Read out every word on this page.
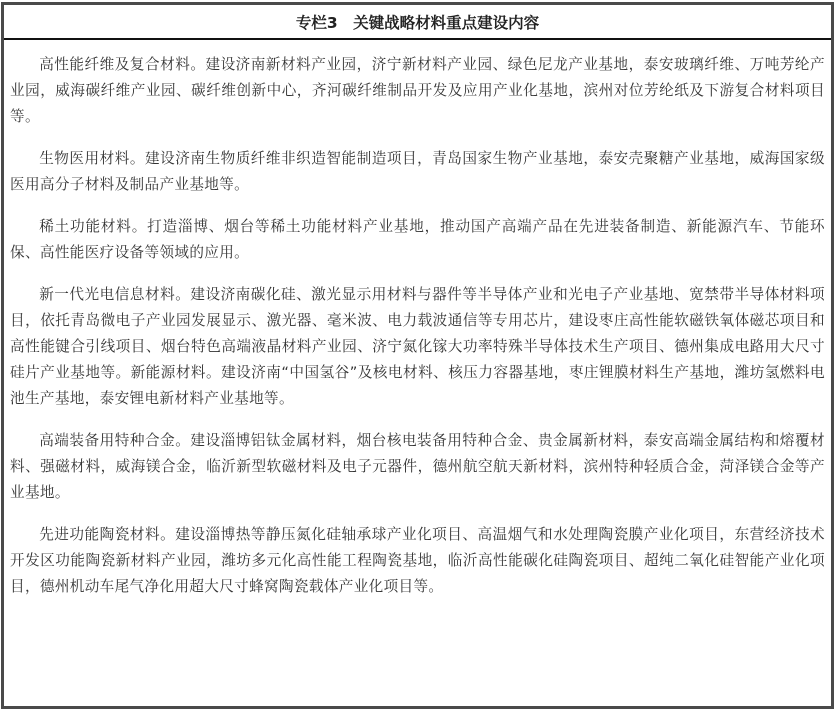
专栏3　关键战略材料重点建设内容

高性能纤维及复合材料。建设济南新材料产业园，济宁新材料产业园、绿色尼龙产业基地，泰安玻璃纤维、万吨芳纶产业园，威海碳纤维产业园、碳纤维创新中心，齐河碳纤维制品开发及应用产业化基地，滨州对位芳纶纸及下游复合材料项目等。

生物医用材料。建设济南生物质纤维非织造智能制造项目，青岛国家生物产业基地，泰安壳聚糖产业基地，威海国家级医用高分子材料及制品产业基地等。

稀土功能材料。打造淄博、烟台等稀土功能材料产业基地，推动国产高端产品在先进装备制造、新能源汽车、节能环保、高性能医疗设备等领域的应用。

新一代光电信息材料。建设济南碳化硅、激光显示用材料与器件等半导体产业和光电子产业基地、宽禁带半导体材料项目，依托青岛微电子产业园发展显示、激光器、毫米波、电力载波通信等专用芯片，建设枣庄高性能软磁铁氧体磁芯项目和高性能键合引线项目、烟台特色高端液晶材料产业园、济宁氮化镓大功率特殊半导体技术生产项目、德州集成电路用大尺寸硅片产业基地等。新能源材料。建设济南“中国氢谷”及核电材料、核压力容器基地，枣庄锂膜材料生产基地，潍坊氢燃料电池生产基地，泰安锂电新材料产业基地等。

高端装备用特种合金。建设淄博铝钛金属材料，烟台核电装备用特种合金、贵金属新材料，泰安高端金属结构和熔覆材料、强磁材料，威海镁合金，临沂新型软磁材料及电子元器件，德州航空航天新材料，滨州特种轻质合金，菏泽镁合金等产业基地。

先进功能陶瓷材料。建设淄博热等静压氮化硅轴承球产业化项目、高温烟气和水处理陶瓷膜产业化项目，东营经济技术开发区功能陶瓷新材料产业园，潍坊多元化高性能工程陶瓷基地，临沂高性能碳化硅陶瓷项目、超纯二氧化硅智能产业化项目，德州机动车尾气净化用超大尺寸蜂窝陶瓷载体产业化项目等。
